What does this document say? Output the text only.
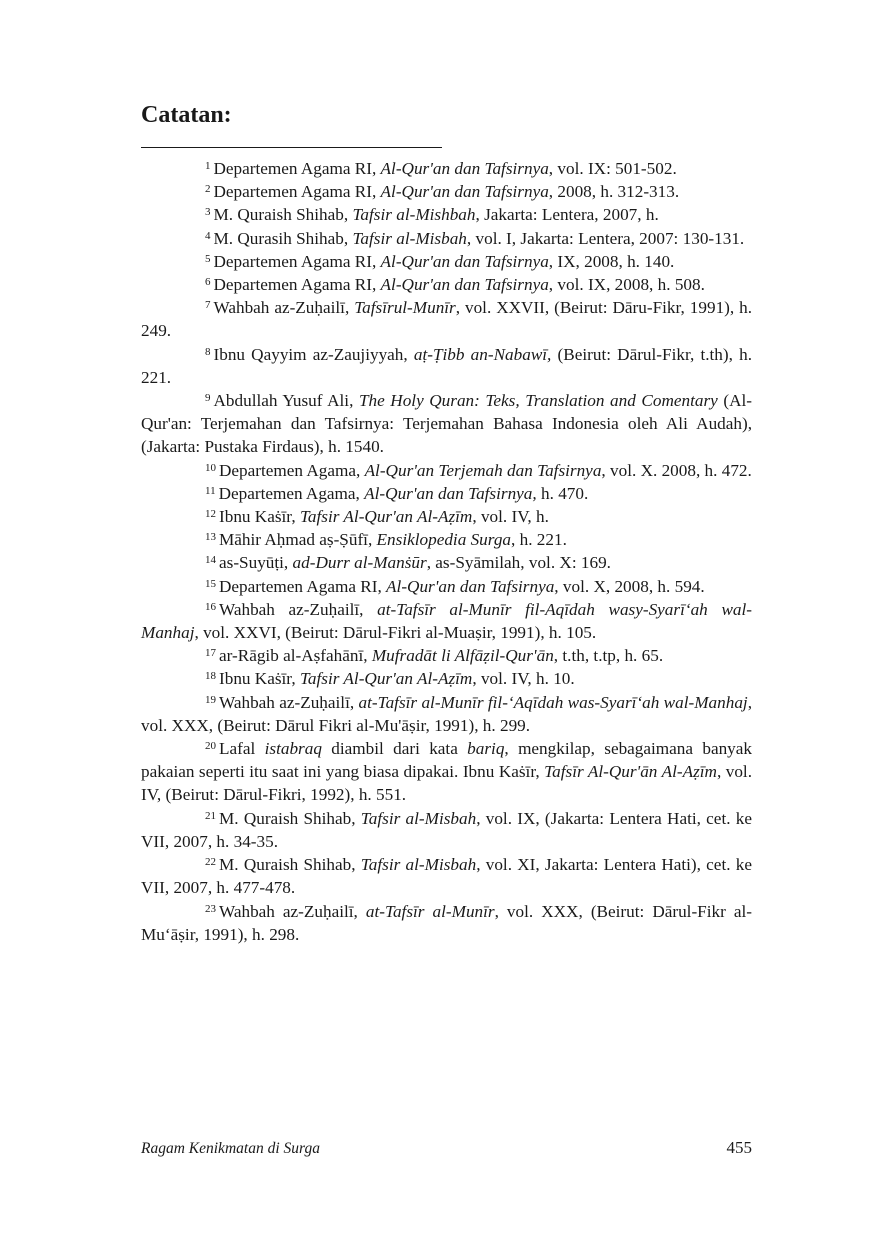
Catatan:

$^1$ Departemen Agama RI, Al-Qur'an dan Tafsirnya, vol. IX: 501-502.

$^2$ Departemen Agama RI, Al-Qur'an dan Tafsirnya, 2008, h. 312-313.

$^3$ M. Quraish Shihab, Tafsir al-Mishbah, Jakarta: Lentera, 2007, h.

$^4$ M. Qurasih Shihab, Tafsir al-Misbah, vol. I, Jakarta: Lentera, 2007: 130-131.

$^5$ Departemen Agama RI, Al-Qur'an dan Tafsirnya, IX, 2008, h. 140.

$^6$ Departemen Agama RI, Al-Qur'an dan Tafsirnya, vol. IX, 2008, h. 508.

$^7$ Wahbah az-Zuḥailī, Tafsīrul-Munīr, vol. XXVII, (Beirut: Dāru-Fikr, 1991), h. 249.

$^8$ Ibnu Qayyim az-Zaujiyyah, aṭ-Ṭibb an-Nabawī, (Beirut: Dārul-Fikr, t.th), h. 221.

$^9$ Abdullah Yusuf Ali, The Holy Quran: Teks, Translation and Comentary (Al-Qur'an: Terjemahan dan Tafsirnya: Terjemahan Bahasa Indonesia oleh Ali Audah), (Jakarta: Pustaka Firdaus), h. 1540.

$^{10}$ Departemen Agama, Al-Qur'an Terjemah dan Tafsirnya, vol. X. 2008, h. 472.

$^{11}$ Departemen Agama, Al-Qur'an dan Tafsirnya, h. 470.

$^{12}$ Ibnu Kaṡīr, Tafsir Al-Qur'an Al-Aẓīm, vol. IV, h.

$^{13}$ Māhir Aḥmad aṣ-Ṣūfī, Ensiklopedia Surga, h. 221.

$^{14}$ as-Suyūṭi, ad-Durr al-Manṡūr, as-Syāmilah, vol. X: 169.

$^{15}$ Departemen Agama RI, Al-Qur'an dan Tafsirnya, vol. X, 2008, h. 594.

$^{16}$ Wahbah az-Zuḥailī, at-Tafsīr al-Munīr fil-Aqīdah wasy-Syarī‘ah wal-Manhaj, vol. XXVI, (Beirut: Dārul-Fikri al-Muaṣir, 1991), h. 105.

$^{17}$ ar-Rāgib al-Aṣfahānī, Mufradāt li Alfāẓil-Qur'ān, t.th, t.tp, h. 65.

$^{18}$ Ibnu Kaṡīr, Tafsir Al-Qur'an Al-Aẓīm, vol. IV, h. 10.

$^{19}$ Wahbah az-Zuḥailī, at-Tafsīr al-Munīr fil-‘Aqīdah was-Syarī‘ah wal-Manhaj, vol. XXX, (Beirut: Dārul Fikri al-Mu'āṣir, 1991), h. 299.

$^{20}$ Lafal istabraq diambil dari kata bariq, mengkilap, sebagaimana banyak pakaian seperti itu saat ini yang biasa dipakai. Ibnu Kaṡīr, Tafsīr Al-Qur'ān Al-Aẓīm, vol. IV, (Beirut: Dārul-Fikri, 1992), h. 551.

$^{21}$ M. Quraish Shihab, Tafsir al-Misbah, vol. IX, (Jakarta: Lentera Hati, cet. ke VII, 2007, h. 34-35.

$^{22}$ M. Quraish Shihab, Tafsir al-Misbah, vol. XI, Jakarta: Lentera Hati), cet. ke VII, 2007, h. 477-478.

$^{23}$ Wahbah az-Zuḥailī, at-Tafsīr al-Munīr, vol. XXX, (Beirut: Dārul-Fikr al-Mu‘āṣir, 1991), h. 298.

Ragam Kenikmatan di Surga	455
